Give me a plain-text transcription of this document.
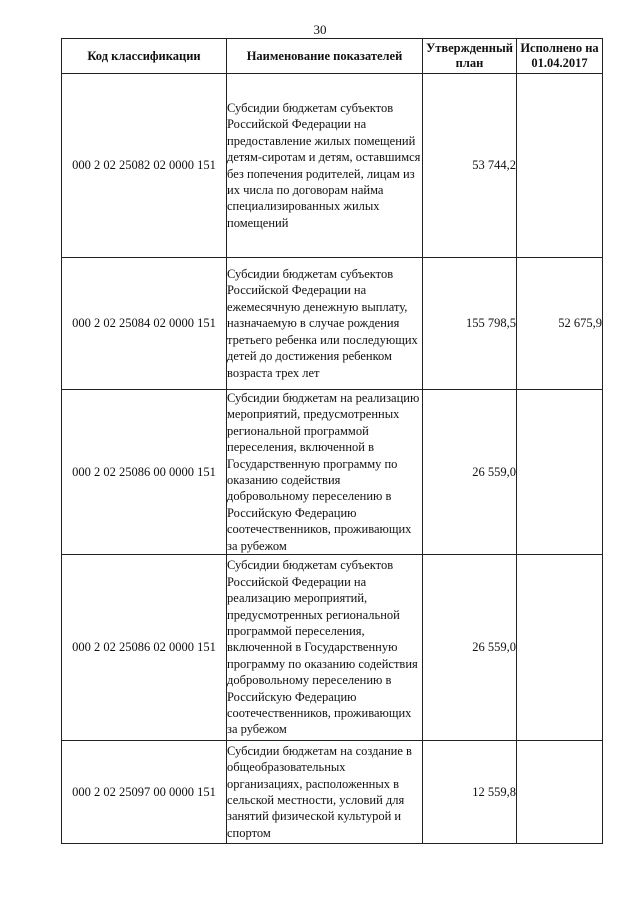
30
Код классификации	Наименование показателей	Утвержденный план	Исполнено на 01.04.2017
000 2 02 25082 02 0000 151	Субсидии бюджетам субъектов Российской Федерации на предоставление жилых помещений детям-сиротам и детям, оставшимся без попечения родителей, лицам из их числа по договорам найма специализированных жилых помещений	53 744,2	
000 2 02 25084 02 0000 151	Субсидии бюджетам субъектов Российской Федерации на ежемесячную денежную выплату, назначаемую в случае рождения третьего ребенка или последующих детей до достижения ребенком возраста трех лет	155 798,5	52 675,9
000 2 02 25086 00 0000 151	Субсидии бюджетам на реализацию мероприятий, предусмотренных региональной программой переселения, включенной в Государственную программу по оказанию содействия добровольному переселению в Российскую Федерацию соотечественников, проживающих за рубежом	26 559,0	
000 2 02 25086 02 0000 151	Субсидии бюджетам субъектов Российской Федерации на реализацию мероприятий, предусмотренных региональной программой переселения, включенной в Государственную программу по оказанию содействия добровольному переселению в Российскую Федерацию соотечественников, проживающих за рубежом	26 559,0	
000 2 02 25097 00 0000 151	Субсидии бюджетам на создание в общеобразовательных организациях, расположенных в сельской местности, условий для занятий физической культурой и спортом	12 559,8	
